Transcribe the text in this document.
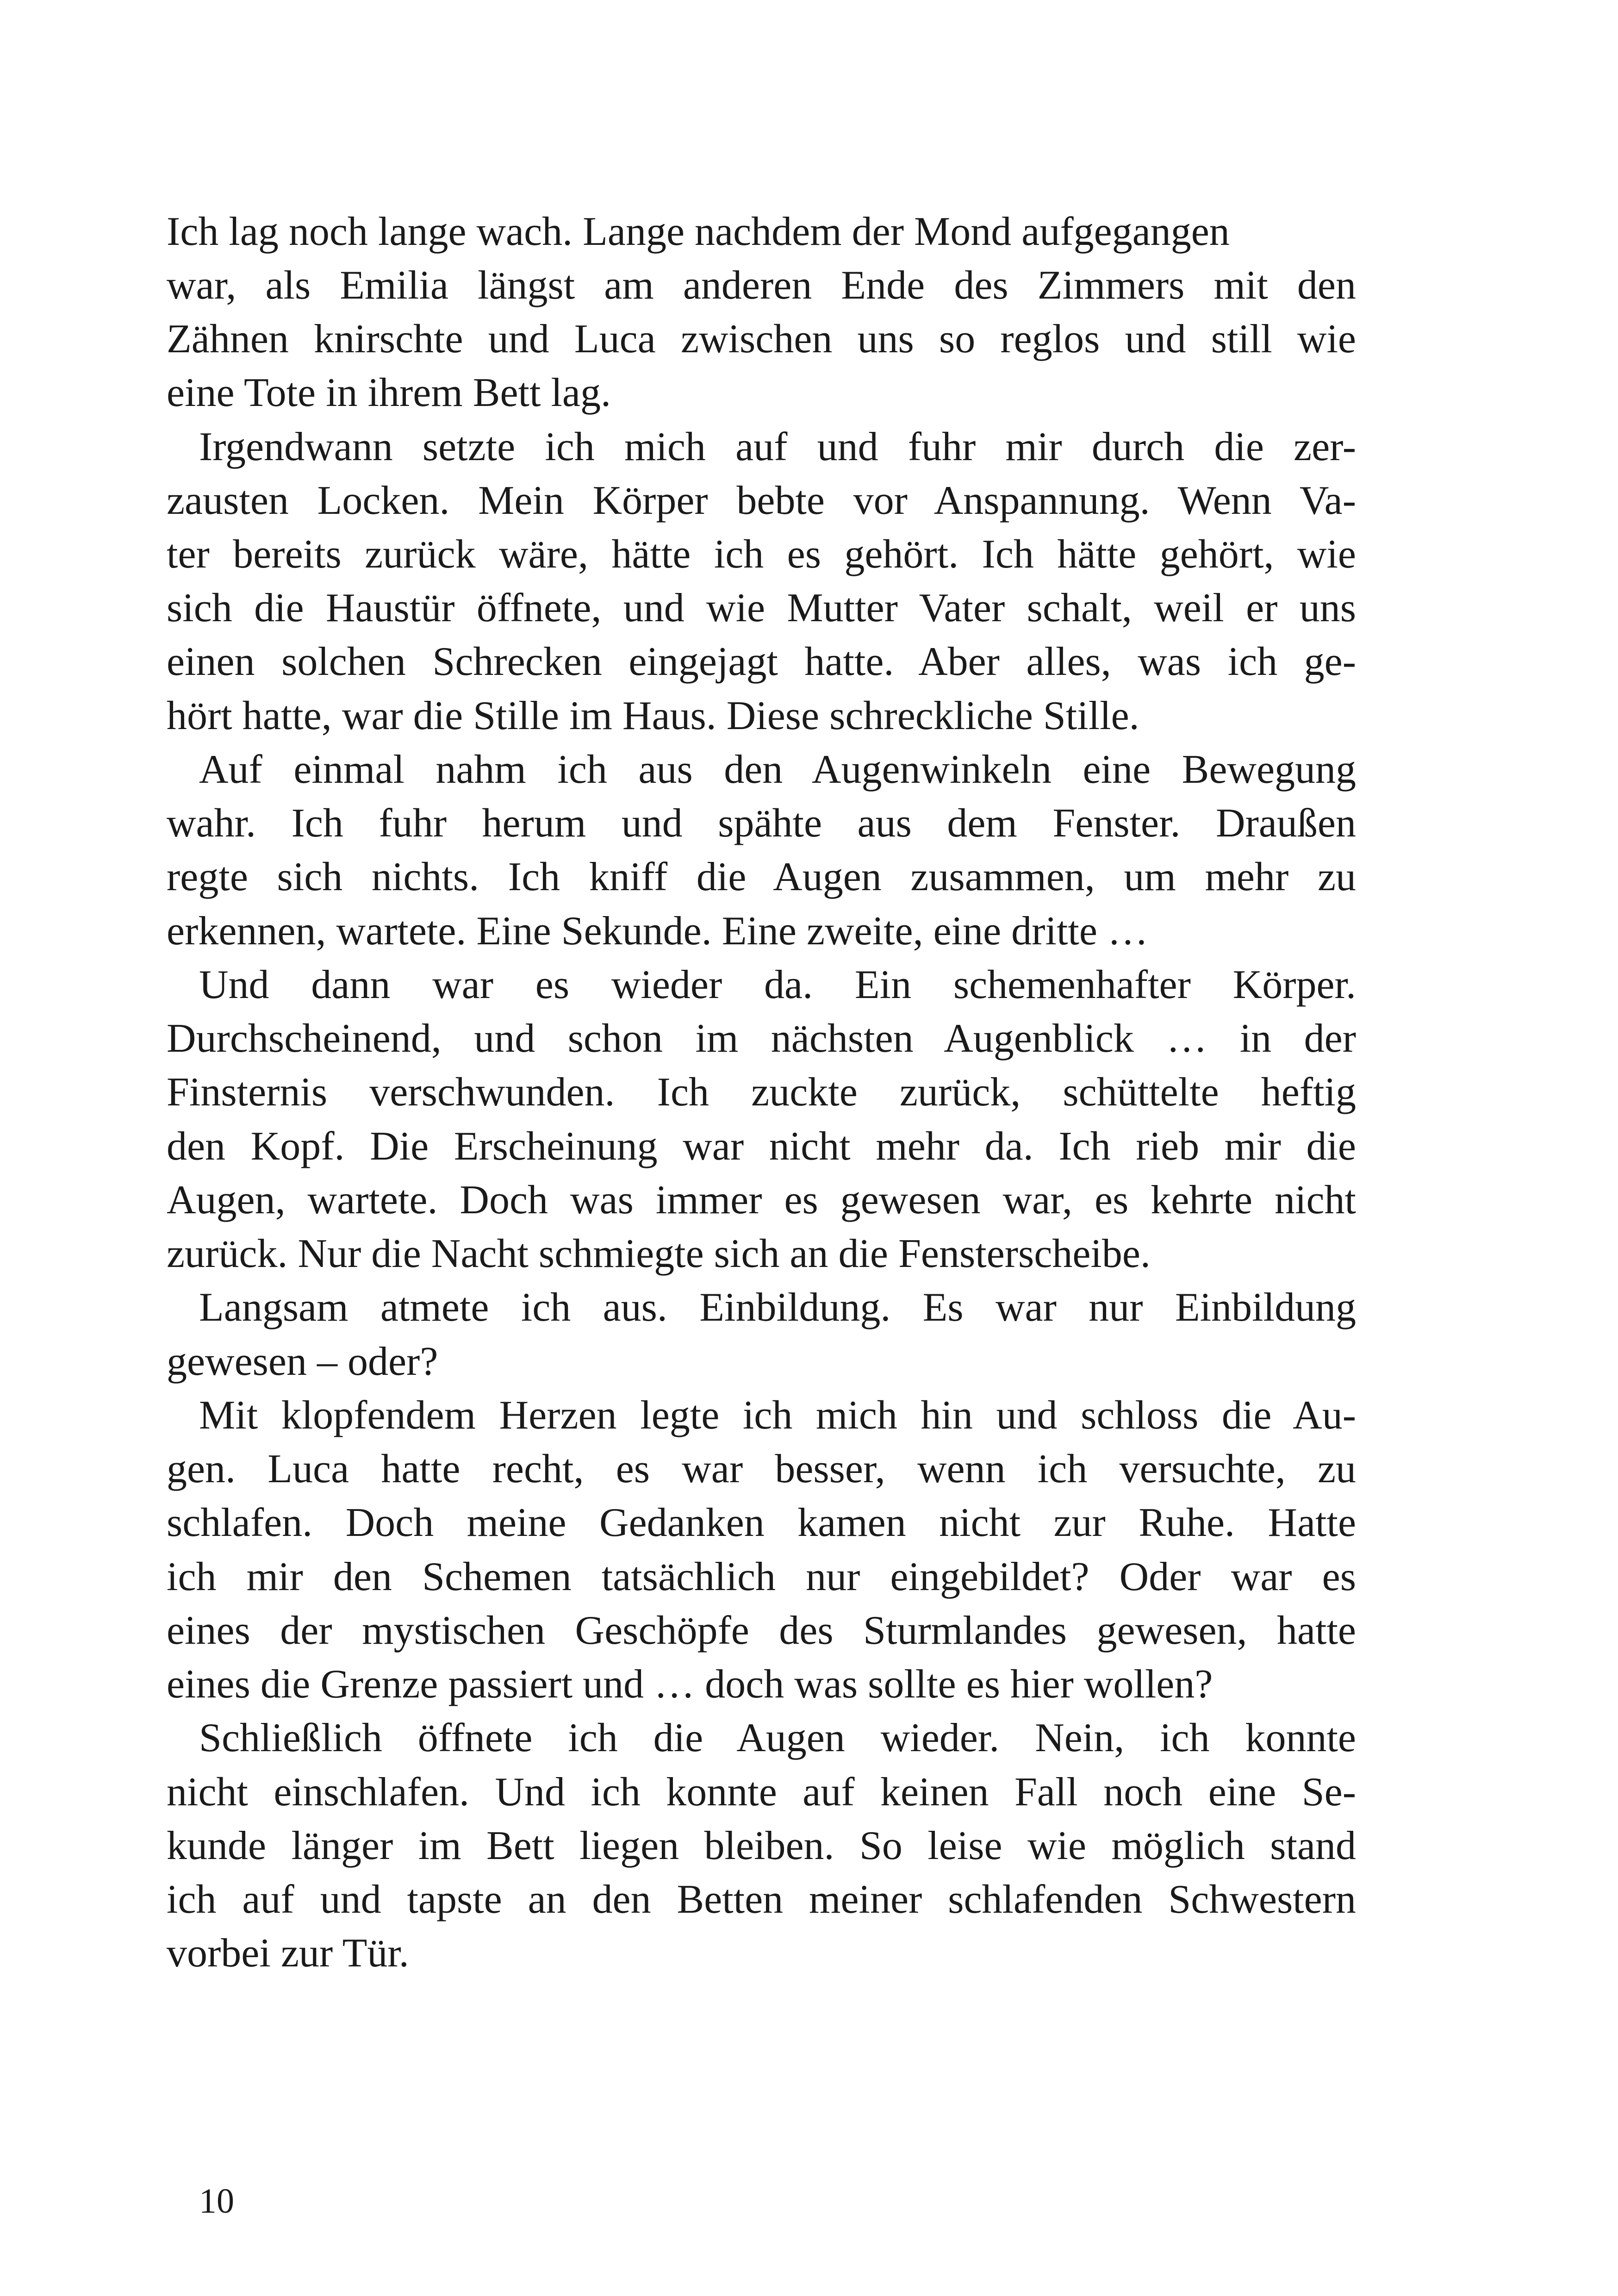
Ich lag noch lange wach. Lange nachdem der Mond aufgegangen
war, als Emilia längst am anderen Ende des Zimmers mit den
Zähnen knirschte und Luca zwischen uns so reglos und still wie
eine Tote in ihrem Bett lag.
Irgendwann setzte ich mich auf und fuhr mir durch die zer-
zausten Locken. Mein Körper bebte vor Anspannung. Wenn Va-
ter bereits zurück wäre, hätte ich es gehört. Ich hätte gehört, wie
sich die Haustür öffnete, und wie Mutter Vater schalt, weil er uns
einen solchen Schrecken eingejagt hatte. Aber alles, was ich ge-
hört hatte, war die Stille im Haus. Diese schreckliche Stille.
Auf einmal nahm ich aus den Augenwinkeln eine Bewegung
wahr. Ich fuhr herum und spähte aus dem Fenster. Draußen
regte sich nichts. Ich kniff die Augen zusammen, um mehr zu
erkennen, wartete. Eine Sekunde. Eine zweite, eine dritte …
Und dann war es wieder da. Ein schemenhafter Körper.
Durchscheinend, und schon im nächsten Augenblick … in der
Finsternis verschwunden. Ich zuckte zurück, schüttelte heftig
den Kopf. Die Erscheinung war nicht mehr da. Ich rieb mir die
Augen, wartete. Doch was immer es gewesen war, es kehrte nicht
zurück. Nur die Nacht schmiegte sich an die Fensterscheibe.
Langsam atmete ich aus. Einbildung. Es war nur Einbildung
gewesen – oder?
Mit klopfendem Herzen legte ich mich hin und schloss die Au-
gen. Luca hatte recht, es war besser, wenn ich versuchte, zu
schlafen. Doch meine Gedanken kamen nicht zur Ruhe. Hatte
ich mir den Schemen tatsächlich nur eingebildet? Oder war es
eines der mystischen Geschöpfe des Sturmlandes gewesen, hatte
eines die Grenze passiert und … doch was sollte es hier wollen?
Schließlich öffnete ich die Augen wieder. Nein, ich konnte
nicht einschlafen. Und ich konnte auf keinen Fall noch eine Se-
kunde länger im Bett liegen bleiben. So leise wie möglich stand
ich auf und tapste an den Betten meiner schlafenden Schwestern
vorbei zur Tür.
10
